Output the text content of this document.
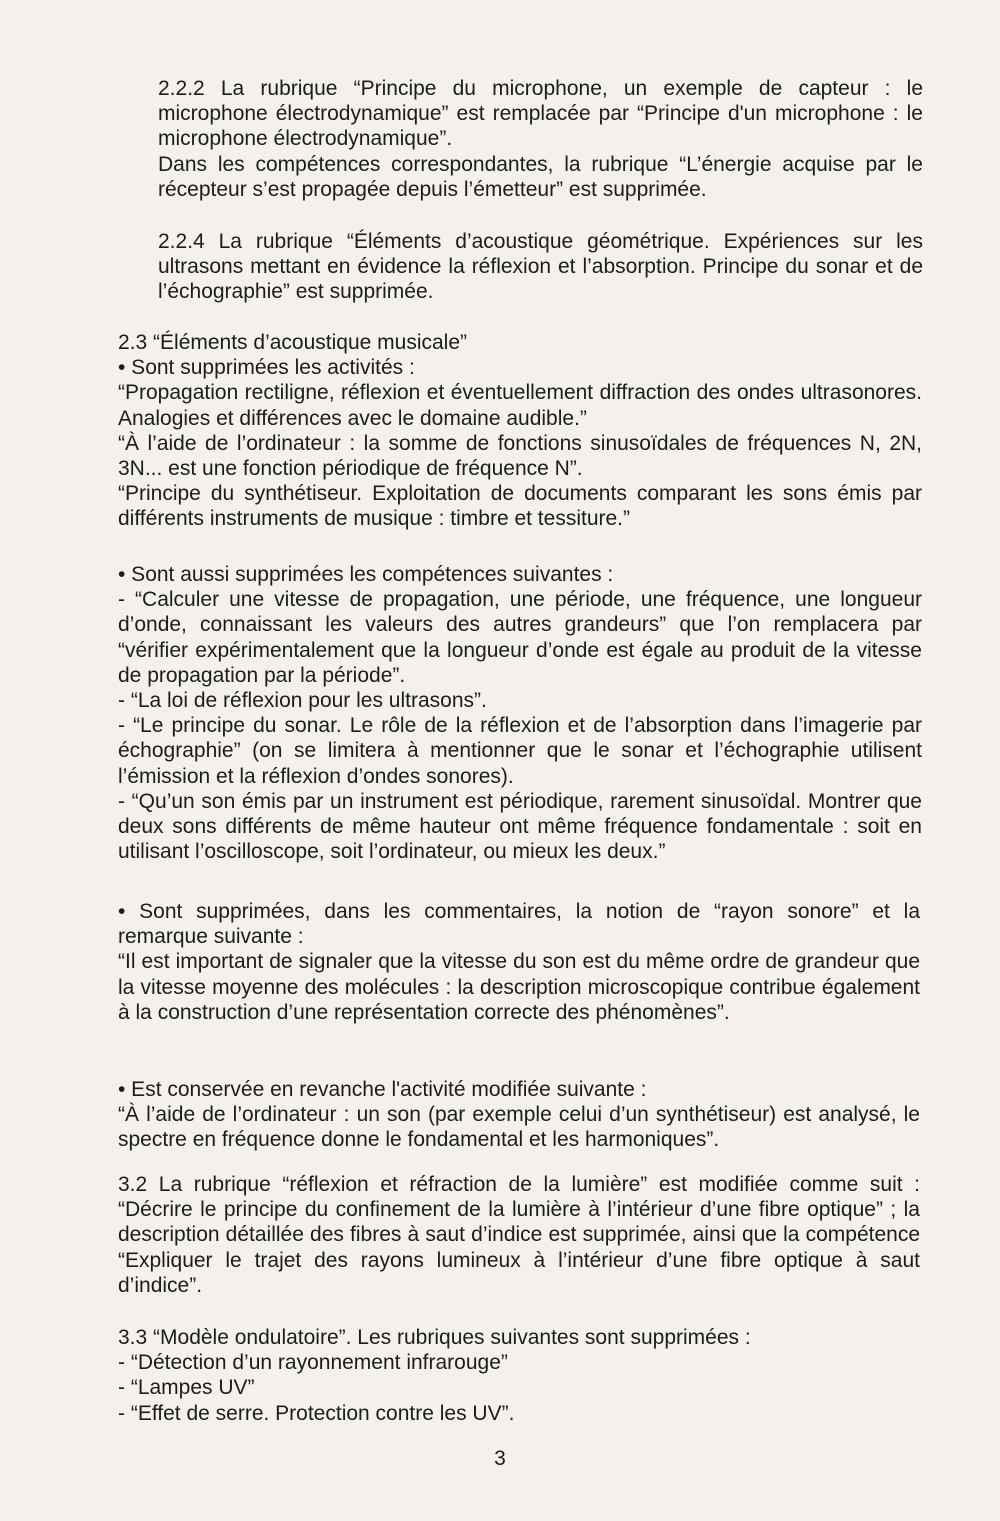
2.2.2 La rubrique “Principe du microphone, un exemple de capteur : le microphone électrodynamique” est remplacée par “Principe d'un microphone : le microphone électrodynamique”.

Dans les compétences correspondantes, la rubrique “L’énergie acquise par le récepteur s’est propagée depuis l’émetteur” est supprimée.

2.2.4 La rubrique “Éléments d’acoustique géométrique. Expériences sur les ultrasons mettant en évidence la réflexion et l’absorption. Principe du sonar et de l’échographie” est supprimée.

2.3 “Éléments d’acoustique musicale”

• Sont supprimées les activités :

“Propagation rectiligne, réflexion et éventuellement diffraction des ondes ultrasonores. Analogies et différences avec le domaine audible.”

“À l’aide de l’ordinateur : la somme de fonctions sinusoïdales de fréquences N, 2N, 3N... est une fonction périodique de fréquence N”.

“Principe du synthétiseur. Exploitation de documents comparant les sons émis par différents instruments de musique : timbre et tessiture.”

• Sont aussi supprimées les compétences suivantes :

- “Calculer une vitesse de propagation, une période, une fréquence, une longueur d’onde, connaissant les valeurs des autres grandeurs” que l’on remplacera par “vérifier expérimentalement que la longueur d’onde est égale au produit de la vitesse de propagation par la période”.

- “La loi de réflexion pour les ultrasons”.

- “Le principe du sonar. Le rôle de la réflexion et de l’absorption dans l’imagerie par échographie” (on se limitera à mentionner que le sonar et l’échographie utilisent l’émission et la réflexion d’ondes sonores).

- “Qu’un son émis par un instrument est périodique, rarement sinusoïdal. Montrer que deux sons différents de même hauteur ont même fréquence fondamentale : soit en utilisant l’oscilloscope, soit l’ordinateur, ou mieux les deux.”

• Sont supprimées, dans les commentaires, la notion de “rayon sonore” et la remarque suivante :

“Il est important de signaler que la vitesse du son est du même ordre de grandeur que la vitesse moyenne des molécules : la description microscopique contribue également à la construction d’une représentation correcte des phénomènes”.

• Est conservée en revanche l'activité modifiée suivante :

“À l’aide de l’ordinateur : un son (par exemple celui d’un synthétiseur) est analysé, le spectre en fréquence donne le fondamental et les harmoniques”.

3.2 La rubrique “réflexion et réfraction de la lumière” est modifiée comme suit : “Décrire le principe du confinement de la lumière à l’intérieur d’une fibre optique” ; la description détaillée des fibres à saut d’indice est supprimée, ainsi que la compétence “Expliquer le trajet des rayons lumineux à l’intérieur d’une fibre optique à saut d’indice”.

3.3 “Modèle ondulatoire”. Les rubriques suivantes sont supprimées :

- “Détection d’un rayonnement infrarouge”

- “Lampes UV”

- “Effet de serre. Protection contre les UV”.

3
